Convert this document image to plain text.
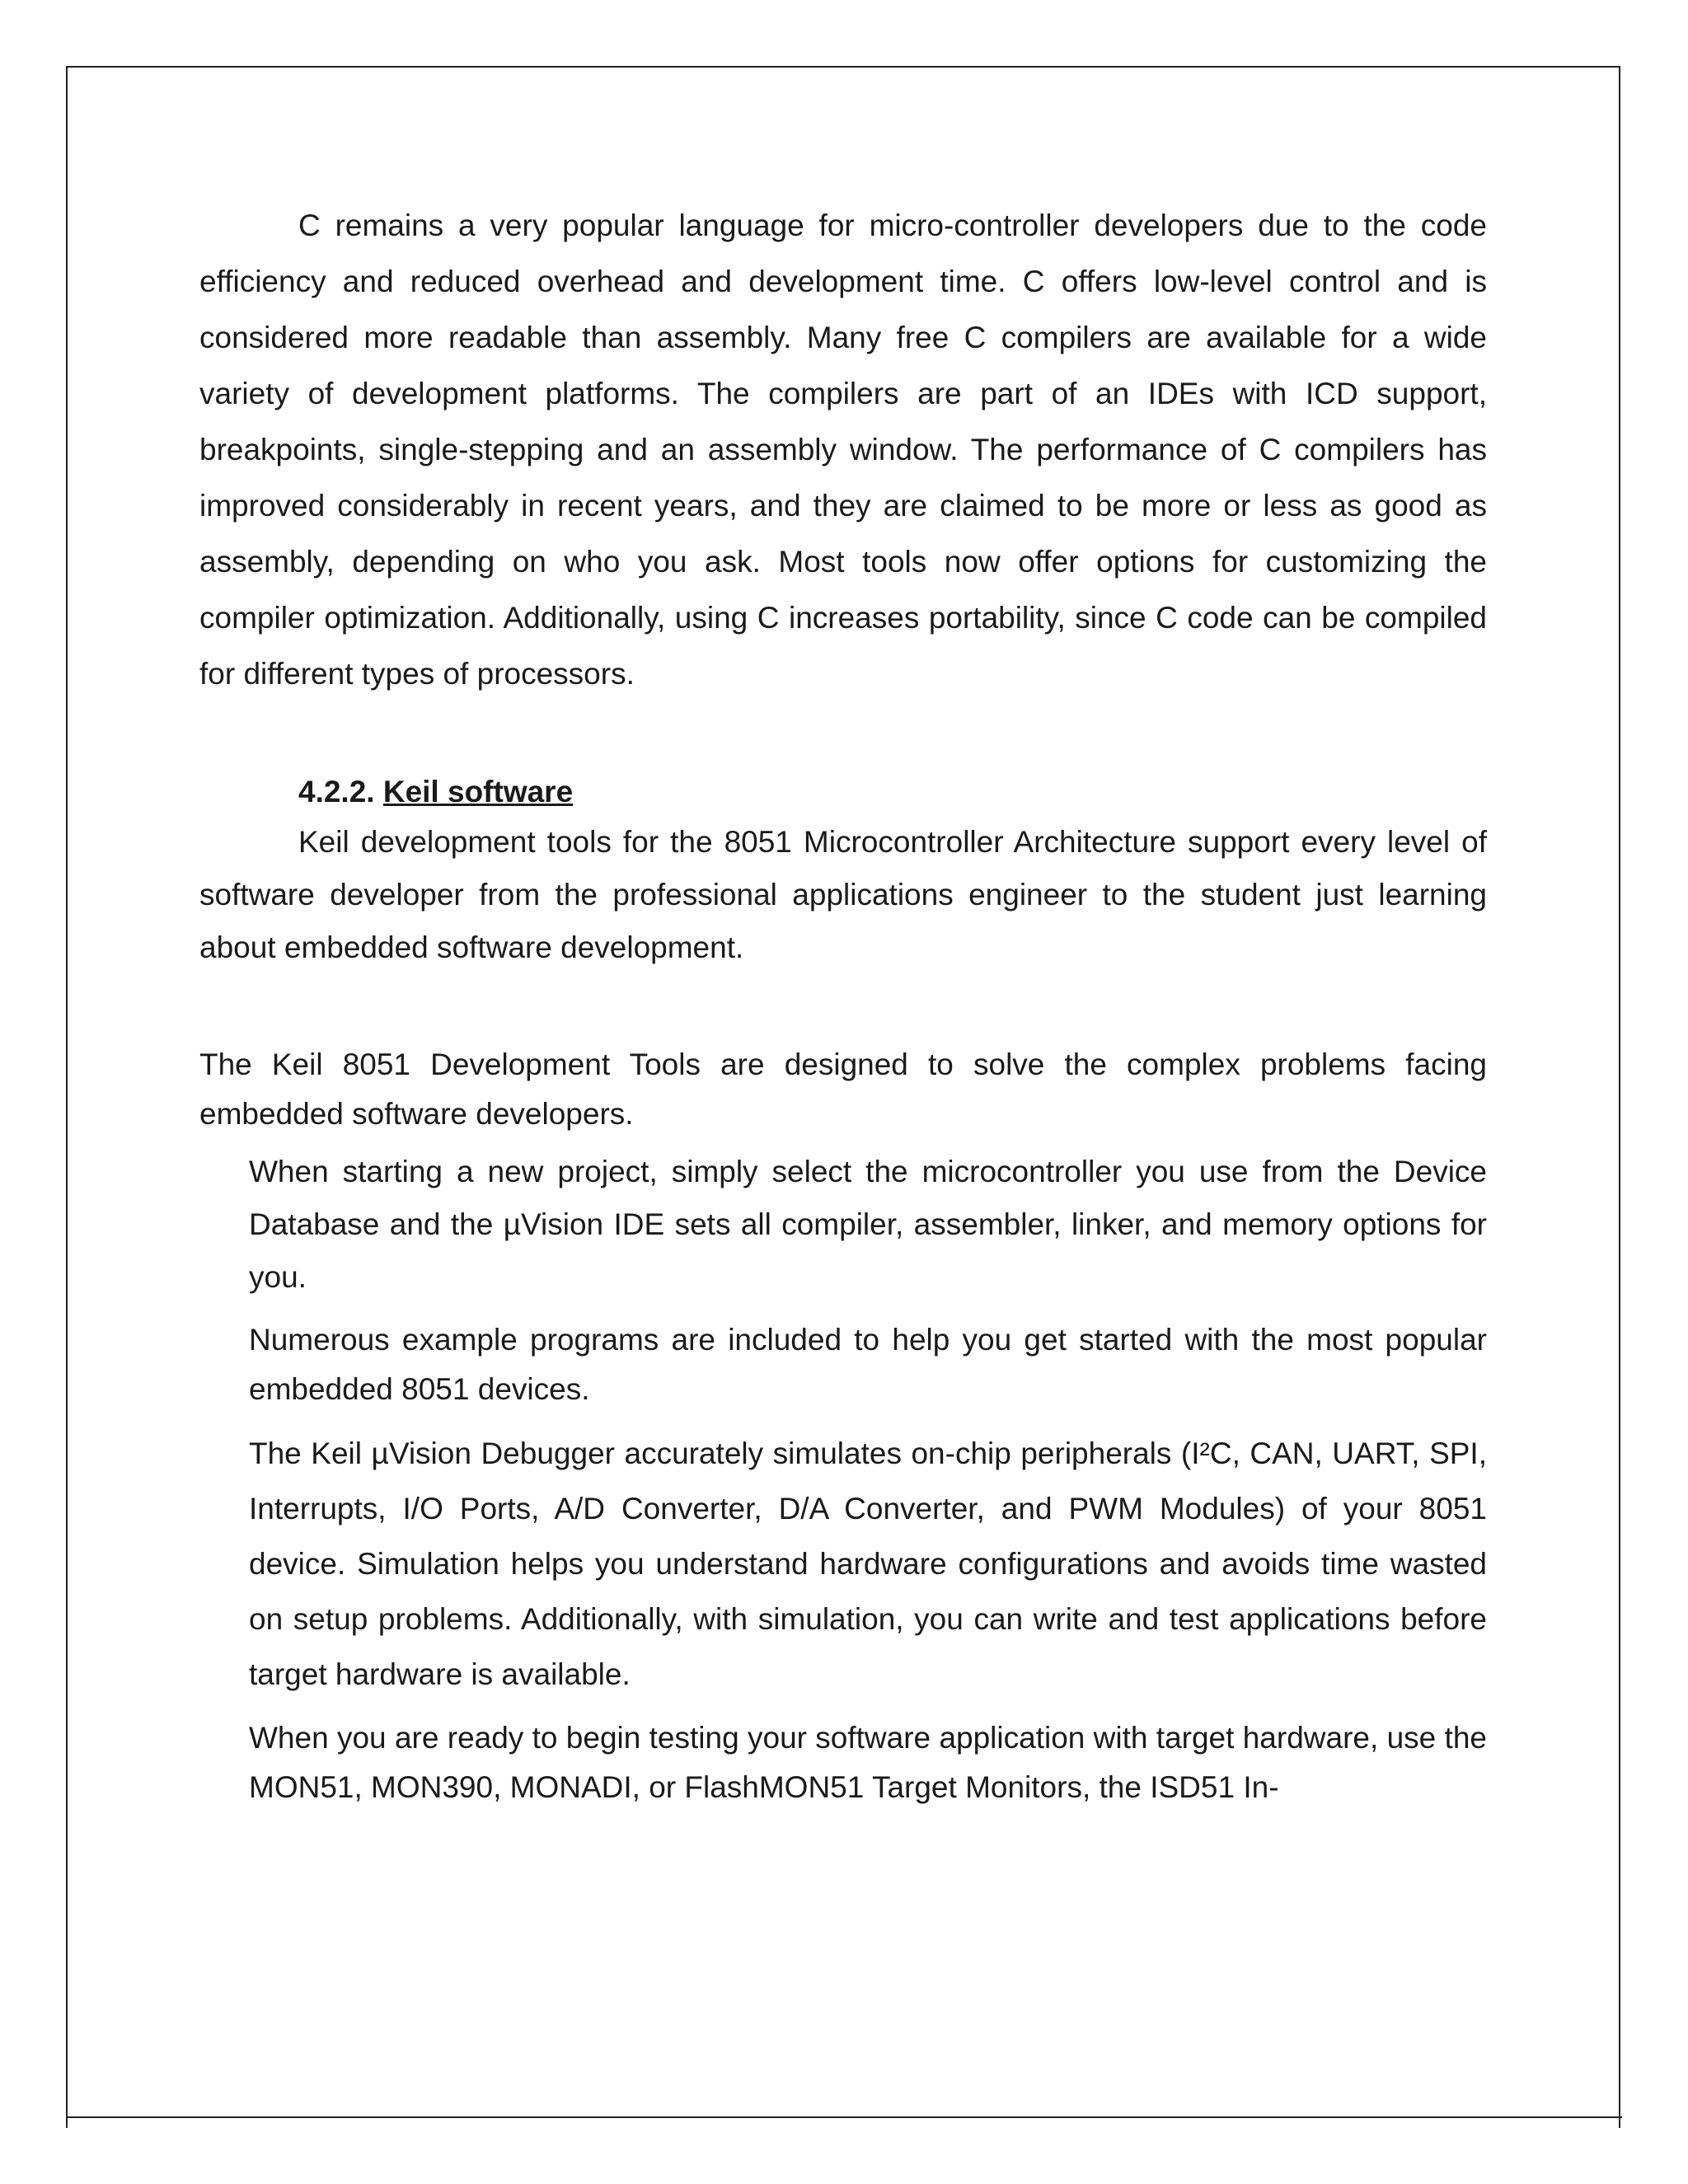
C remains a very popular language for micro-controller developers due to the code efficiency and reduced overhead and development time. C offers low-level control and is considered more readable than assembly. Many free C compilers are available for a wide variety of development platforms. The compilers are part of an IDEs with ICD support, breakpoints, single-stepping and an assembly window. The performance of C compilers has improved considerably in recent years, and they are claimed to be more or less as good as assembly, depending on who you ask. Most tools now offer options for customizing the compiler optimization. Additionally, using C increases portability, since C code can be compiled for different types of processors.

4.2.2. Keil software

Keil development tools for the 8051 Microcontroller Architecture support every level of software developer from the professional applications engineer to the student just learning about embedded software development.

The Keil 8051 Development Tools are designed to solve the complex problems facing embedded software developers.

When starting a new project, simply select the microcontroller you use from the Device Database and the µVision IDE sets all compiler, assembler, linker, and memory options for you.
Numerous example programs are included to help you get started with the most popular embedded 8051 devices.
The Keil µVision Debugger accurately simulates on-chip peripherals (I²C, CAN, UART, SPI, Interrupts, I/O Ports, A/D Converter, D/A Converter, and PWM Modules) of your 8051 device. Simulation helps you understand hardware configurations and avoids time wasted on setup problems. Additionally, with simulation, you can write and test applications before target hardware is available.
When you are ready to begin testing your software application with target hardware, use the MON51, MON390, MONADI, or FlashMON51 Target Monitors, the ISD51 In-
